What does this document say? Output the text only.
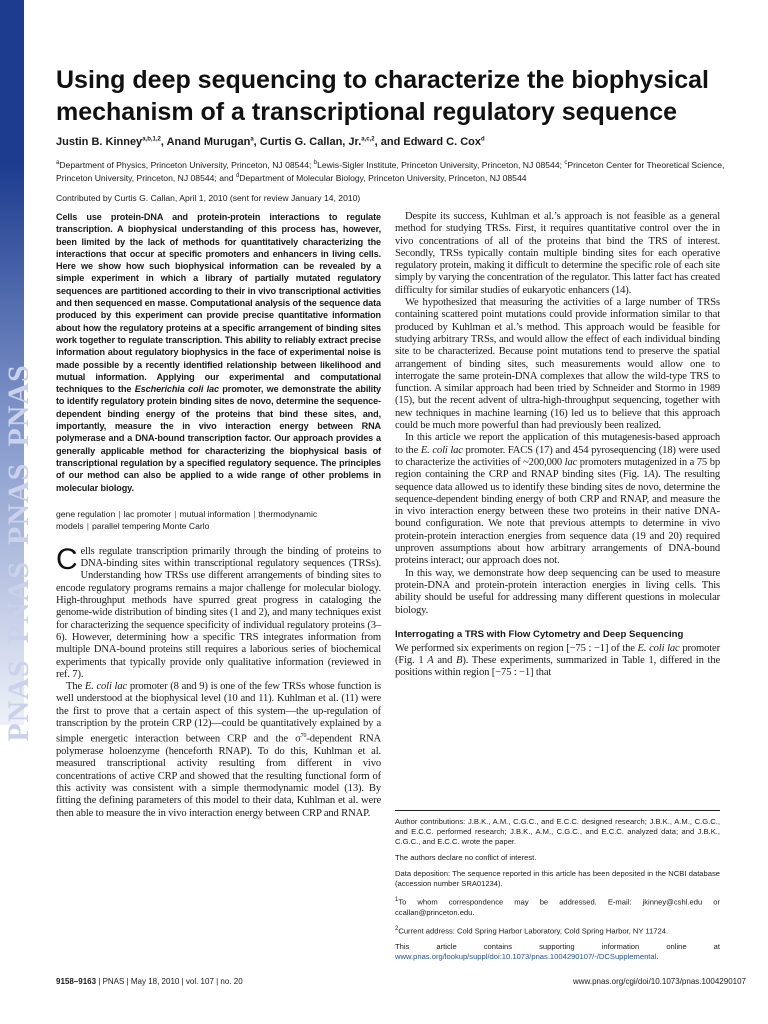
PNASPNASPNASPNASPNAS
Using deep sequencing to characterize the biophysical mechanism of a transcriptional regulatory sequence
Justin B. Kinney$^{a,b,1,2}$, Anand Murugan$^a$, Curtis G. Callan, Jr.$^{a,c,2}$, and Edward C. Cox$^d$
$^a$Department of Physics, Princeton University, Princeton, NJ 08544; $^b$Lewis-Sigler Institute, Princeton University, Princeton, NJ 08544; $^c$Princeton Center for Theoretical Science, Princeton University, Princeton, NJ 08544; and $^d$Department of Molecular Biology, Princeton University, Princeton, NJ 08544
Contributed by Curtis G. Callan, April 1, 2010 (sent for review January 14, 2010)

Cells use protein-DNA and protein-protein interactions to regulate transcription. A biophysical understanding of this process has, however, been limited by the lack of methods for quantitatively characterizing the interactions that occur at specific promoters and enhancers in living cells. Here we show how such biophysical information can be revealed by a simple experiment in which a library of partially mutated regulatory sequences are partitioned according to their in vivo transcriptional activities and then sequenced en masse. Computational analysis of the sequence data produced by this experiment can provide precise quantitative information about how the regulatory proteins at a specific arrangement of binding sites work together to regulate transcription. This ability to reliably extract precise information about regulatory biophysics in the face of experimental noise is made possible by a recently identified relationship between likelihood and mutual information. Applying our experimental and computational techniques to the Escherichia coli lac promoter, we demonstrate the ability to identify regulatory protein binding sites de novo, determine the sequence-dependent binding energy of the proteins that bind these sites, and, importantly, measure the in vivo interaction energy between RNA polymerase and a DNA-bound transcription factor. Our approach provides a generally applicable method for characterizing the biophysical basis of transcriptional regulation by a specified regulatory sequence. The principles of our method can also be applied to a wide range of other problems in molecular biology.

gene regulation | lac promoter | mutual information | thermodynamic models | parallel tempering Monte Carlo

Cells regulate transcription primarily through the binding of proteins to DNA-binding sites within transcriptional regulatory sequences (TRSs). Understanding how TRSs use different arrangements of binding sites to encode regulatory programs remains a major challenge for molecular biology. High-throughput methods have spurred great progress in cataloging the genome-wide distribution of binding sites (1 and 2), and many techniques exist for characterizing the sequence specificity of individual regulatory proteins (3–6). However, determining how a specific TRS integrates information from multiple DNA-bound proteins still requires a laborious series of biochemical experiments that typically provide only qualitative information (reviewed in ref. 7).

The E. coli lac promoter (8 and 9) is one of the few TRSs whose function is well understood at the biophysical level (10 and 11). Kuhlman et al. (11) were the first to prove that a certain aspect of this system—the up-regulation of transcription by the protein CRP (12)—could be quantitatively explained by a simple energetic interaction between CRP and the $\sigma^{70}$-dependent RNA polymerase holoenzyme (henceforth RNAP). To do this, Kuhlman et al. measured transcriptional activity resulting from different in vivo concentrations of active CRP and showed that the resulting functional form of this activity was consistent with a simple thermodynamic model (13). By fitting the defining parameters of this model to their data, Kuhlman et al. were then able to measure the in vivo interaction energy between CRP and RNAP.

Despite its success, Kuhlman et al.’s approach is not feasible as a general method for studying TRSs. First, it requires quantitative control over the in vivo concentrations of all of the proteins that bind the TRS of interest. Secondly, TRSs typically contain multiple binding sites for each operative regulatory protein, making it difficult to determine the specific role of each site simply by varying the concentration of the regulator. This latter fact has created difficulty for similar studies of eukaryotic enhancers (14).

We hypothesized that measuring the activities of a large number of TRSs containing scattered point mutations could provide information similar to that produced by Kuhlman et al.’s method. This approach would be feasible for studying arbitrary TRSs, and would allow the effect of each individual binding site to be characterized. Because point mutations tend to preserve the spatial arrangement of binding sites, such measurements would allow one to interrogate the same protein-DNA complexes that allow the wild-type TRS to function. A similar approach had been tried by Schneider and Stormo in 1989 (15), but the recent advent of ultra-high-throughput sequencing, together with new techniques in machine learning (16) led us to believe that this approach could be much more powerful than had previously been realized.

In this article we report the application of this mutagenesis-based approach to the E. coli lac promoter. FACS (17) and 454 pyrosequencing (18) were used to characterize the activities of ~200,000 lac promoters mutagenized in a 75 bp region containing the CRP and RNAP binding sites (Fig. 1A). The resulting sequence data allowed us to identify these binding sites de novo, determine the sequence-dependent binding energy of both CRP and RNAP, and measure the in vivo interaction energy between these two proteins in their native DNA-bound configuration. We note that previous attempts to determine in vivo protein-protein interaction energies from sequence data (19 and 20) required unproven assumptions about how arbitrary arrangements of DNA-bound proteins interact; our approach does not.

In this way, we demonstrate how deep sequencing can be used to measure protein-DNA and protein-protein interaction energies in living cells. This ability should be useful for addressing many different questions in molecular biology.

Interrogating a TRS with Flow Cytometry and Deep Sequencing

We performed six experiments on region [−75 : −1] of the E. coli lac promoter (Fig. 1 A and B). These experiments, summarized in Table 1, differed in the positions within region [−75 : −1] that

Author contributions: J.B.K., A.M., C.G.C., and E.C.C. designed research; J.B.K., A.M., C.G.C., and E.C.C. performed research; J.B.K., A.M., C.G.C., and E.C.C. analyzed data; and J.B.K., C.G.C., and E.C.C. wrote the paper.

The authors declare no conflict of interest.

Data deposition: The sequence reported in this article has been deposited in the NCBI database (accession number SRA01234).

$^1$To whom correspondence may be addressed. E-mail: jkinney@cshl.edu or ccallan@princeton.edu.

$^2$Current address: Cold Spring Harbor Laboratory, Cold Spring Harbor, NY 11724.

This article contains supporting information online at www.pnas.org/lookup/suppl/doi:10.1073/pnas.1004290107/-/DCSupplemental.

9158–9163 | PNAS | May 18, 2010 | vol. 107 | no. 20	www.pnas.org/cgi/doi/10.1073/pnas.1004290107
